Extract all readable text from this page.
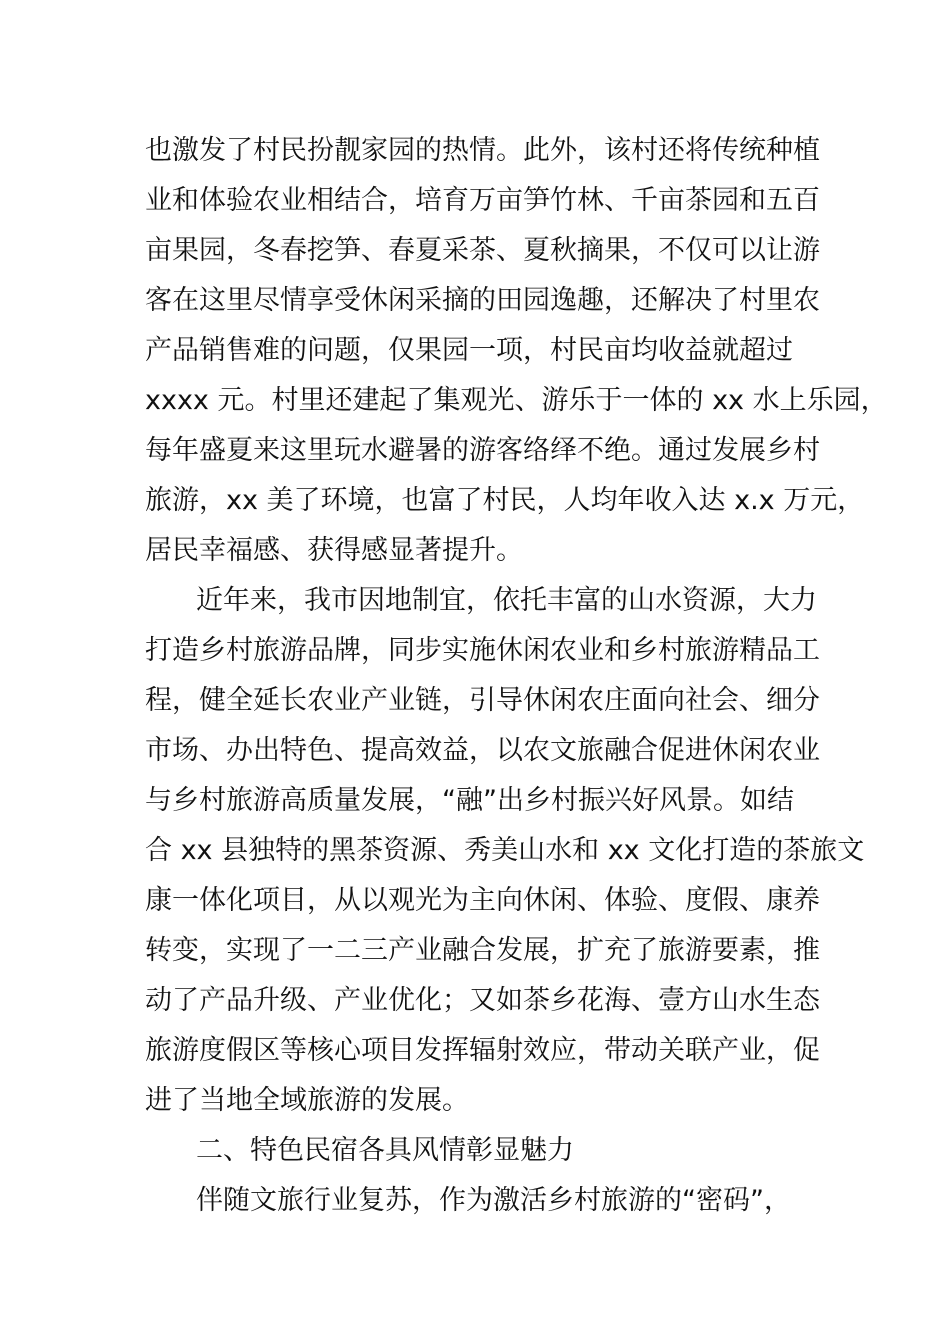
也激发了村民扮靓家园的热情。此外，该村还将传统种植
业和体验农业相结合，培育万亩笋竹林、千亩茶园和五百
亩果园，冬春挖笋、春夏采茶、夏秋摘果，不仅可以让游
客在这里尽情享受休闲采摘的田园逸趣，还解决了村里农
产品销售难的问题，仅果园一项，村民亩均收益就超过
xxxx 元。村里还建起了集观光、游乐于一体的 xx 水上乐园，
每年盛夏来这里玩水避暑的游客络绎不绝。通过发展乡村
旅游，xx 美了环境，也富了村民，人均年收入达 x.x 万元，
居民幸福感、获得感显著提升。
近年来，我市因地制宜，依托丰富的山水资源，大力
打造乡村旅游品牌，同步实施休闲农业和乡村旅游精品工
程，健全延长农业产业链，引导休闲农庄面向社会、细分
市场、办出特色、提高效益，以农文旅融合促进休闲农业
与乡村旅游高质量发展，“融”出乡村振兴好风景。如结
合 xx 县独特的黑茶资源、秀美山水和 xx 文化打造的茶旅文
康一体化项目，从以观光为主向休闲、体验、度假、康养
转变，实现了一二三产业融合发展，扩充了旅游要素，推
动了产品升级、产业优化；又如茶乡花海、壹方山水生态
旅游度假区等核心项目发挥辐射效应，带动关联产业，促
进了当地全域旅游的发展。
二、特色民宿各具风情彰显魅力
伴随文旅行业复苏，作为激活乡村旅游的“密码”，
